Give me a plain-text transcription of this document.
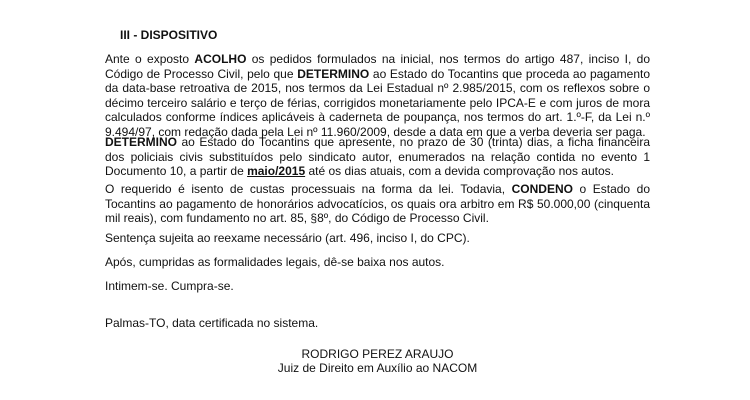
III - DISPOSITIVO

Ante o exposto ACOLHO os pedidos formulados na inicial, nos termos do artigo 487, inciso I, do Código de Processo Civil, pelo que DETERMINO ao Estado do Tocantins que proceda ao pagamento da data-base retroativa de 2015, nos termos da Lei Estadual nº 2.985/2015, com os reflexos sobre o décimo terceiro salário e terço de férias, corrigidos monetariamente pelo IPCA-E e com juros de mora calculados conforme índices aplicáveis à caderneta de poupança, nos termos do art. 1.º-F, da Lei n.º 9.494/97, com redação dada pela Lei nº 11.960/2009, desde a data em que a verba deveria ser paga.

DETERMINO ao Estado do Tocantins que apresente, no prazo de 30 (trinta) dias, a ficha financeira dos policiais civis substituídos pelo sindicato autor, enumerados na relação contida no evento 1 Documento 10, a partir de maio/2015 até os dias atuais, com a devida comprovação nos autos.

O requerido é isento de custas processuais na forma da lei. Todavia, CONDENO o Estado do Tocantins ao pagamento de honorários advocatícios, os quais ora arbitro em R$ 50.000,00 (cinquenta mil reais), com fundamento no art. 85, §8º, do Código de Processo Civil.

Sentença sujeita ao reexame necessário (art. 496, inciso I, do CPC).

Após, cumpridas as formalidades legais, dê-se baixa nos autos.

Intimem-se. Cumpra-se.

Palmas-TO, data certificada no sistema.

RODRIGO PEREZ ARAUJO
Juiz de Direito em Auxílio ao NACOM
